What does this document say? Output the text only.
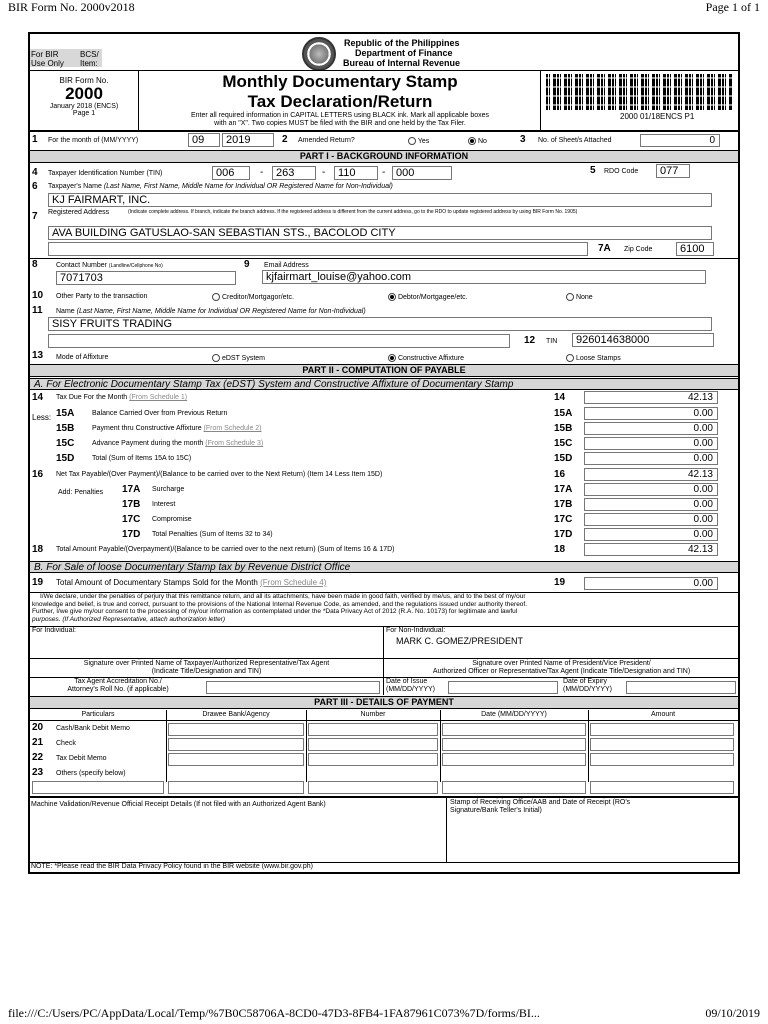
BIR Form No. 2000v2018	Page 1 of 1
For BIR
Use Only
BCS/
Item:
Republic of the Philippines
Department of Finance
Bureau of Internal Revenue
BIR Form No.
2000
January 2018 (ENCS)
Page 1
Monthly Documentary Stamp
Tax Declaration/Return
Enter all required information in CAPITAL LETTERS using BLACK ink. Mark all applicable boxes
with an "X". Two copies MUST be filed with the BIR and one held by the Tax Filer.
2000 01/18ENCS P1
1 For the month of (MM/YYYY)	09	2019	2 Amended Return?	Yes	No	3 No. of Sheet/s Attached	0
PART I - BACKGROUND INFORMATION
4 Taxpayer Identification Number (TIN)	006	-	263	-	110	- 000	5 RDO Code	077
6 Taxpayer's Name (Last Name, First Name, Middle Name for Individual OR Registered Name for Non-Individual)
KJ FAIRMART, INC.
7 Registered Address	(Indicate complete address. If branch, indicate the branch address. If the registered address is different from the current address, go to the RDO to update registered address by using BIR Form No. 1905)
AVA BUILDING GATUSLAO-SAN SEBASTIAN STS., BACOLOD CITY
7A Zip Code	6100
8	Contact Number (Landline/Cellphone No)
7071703
9 Email Address
kjfairmart_louise@yahoo.com
10 Other Party to the transaction	Creditor/Mortgagor/etc.	Debtor/Mortgagee/etc.	None
11 Name (Last Name, First Name, Middle Name for Individual OR Registered Name for Non-Individual)
SISY FRUITS TRADING
12 TIN	926014638000
13 Mode of Affixture	eDST System	Constructive Affixture	Loose Stamps
PART II - COMPUTATION OF PAYABLE
A. For Electronic Documentary Stamp Tax (eDST) System and Constructive Affixture of Documentary Stamp
14 Tax Due For the Month (From Schedule 1)	14	42.13
15A	Balance Carried Over from Previous Return	15A	0.00
15B	Payment thru Constructive Affixture (From Schedule 2)	15B	0.00
15C	Advance Payment during the month (From Schedule 3)	15C	0.00
15D	Total (Sum of Items 15A to 15C)	15D	0.00
16 Net Tax Payable/(Over Payment)/(Balance to be carried over to the Next Return) (Item 14 Less Item 15D)	16	42.13
17A Surcharge	17A	0.00
17B Interest	17B	0.00
17C Compromise	17C	0.00
17D Total Penalties (Sum of Items 32 to 34)	17D	0.00
18 Total Amount Payable/(Overpayment)/(Balance to be carried over to the next return) (Sum of Items 16 & 17D)	18	42.13
Less:
Add: Penalties
B. For Sale of loose Documentary Stamp tax by Revenue District Office
19 Total Amount of Documentary Stamps Sold for the Month (From Schedule 4)	19	0.00
I/We declare, under the penalties of perjury that this remittance return, and all its attachments, have been made in good faith, verified by me/us, and to the best of my/our
knowledge and belief, is true and correct, pursuant to the provisions of the National Internal Revenue Code, as amended, and the regulations issued under authority thereof.
Further, I/we give my/our consent to the processing of my/our information as contemplated under the *Data Privacy Act of 2012 (R.A. No. 10173) for legitimate and lawful
purposes. (If Authorized Representative, attach authorization letter)
For Individual:	For Non-Individual:
MARK C. GOMEZ/PRESIDENT
Signature over Printed Name of Taxpayer/Authorized Representative/Tax Agent
(Indicate Title/Designation and TIN)
Signature over Printed Name of President/Vice President/
Authorized Officer or Representative/Tax Agent (Indicate Title/Designation and TIN)
Tax Agent Accreditation No./
Attorney's Roll No. (if applicable)
Date of Issue
(MM/DD/YYYY)
Date of Expiry
(MM/DD/YYYY)
PART III - DETAILS OF PAYMENT
Particulars	Drawee Bank/Agency	Number	Date (MM/DD/YYYY)	Amount
20 Cash/Bank Debit Memo
21 Check
22 Tax Debit Memo
23 Others (specify below)
Machine Validation/Revenue Official Receipt Details (If not filed with an Authorized Agent Bank)	Stamp of Receiving Office/AAB and Date of Receipt (RO's
Signature/Bank Teller's Initial)
NOTE: *Please read the BIR Data Privacy Policy found in the BIR website (www.bir.gov.ph)
file:///C:/Users/PC/AppData/Local/Temp/%7B0C58706A-8CD0-47D3-8FB4-1FA87961C073%7D/forms/BI...	09/10/2019
